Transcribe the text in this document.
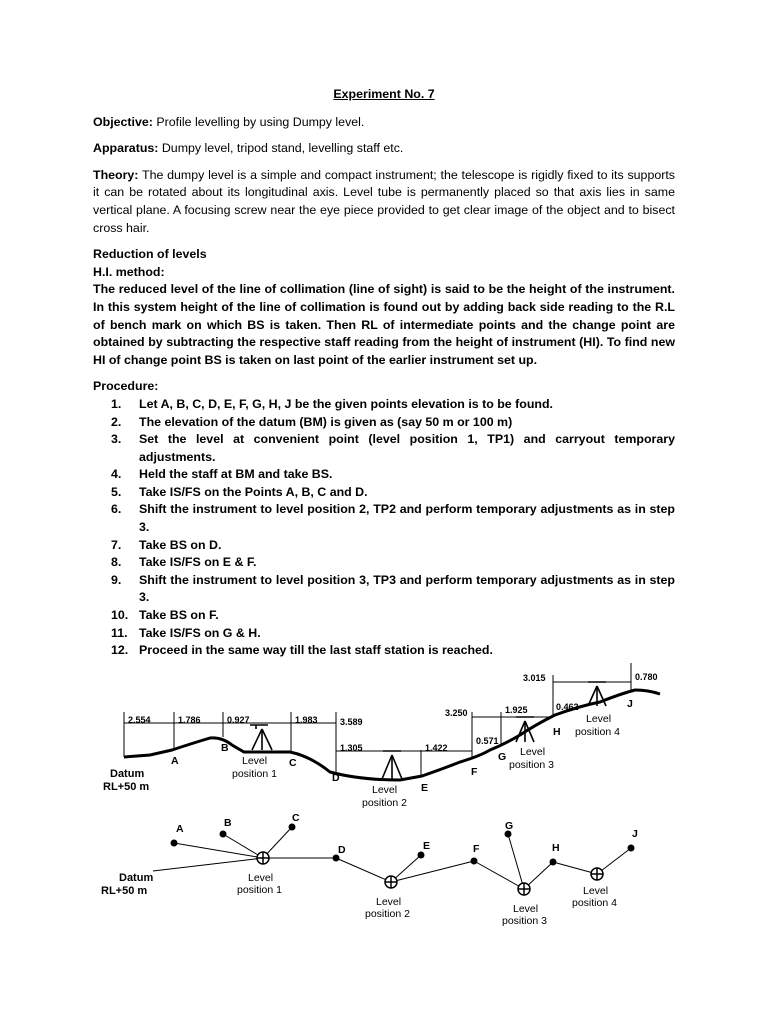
Experiment No. 7

Objective: Profile levelling by using Dumpy level.

Apparatus: Dumpy level, tripod stand, levelling staff etc.

Theory: The dumpy level is a simple and compact instrument; the telescope is rigidly fixed to its supports it can be rotated about its longitudinal axis. Level tube is permanently placed so that axis lies in same vertical plane. A focusing screw near the eye piece provided to get clear image of the object and to bisect cross hair.

Reduction of levels

H.I. method:

The reduced level of the line of collimation (line of sight) is said to be the height of the instrument. In this system height of the line of collimation is found out by adding back side reading to the R.L of bench mark on which BS is taken. Then RL of intermediate points and the change point are obtained by subtracting the respective staff reading from the height of instrument (HI). To find new HI of change point BS is taken on last point of the earlier instrument set up.

Procedure:

1.	Let A, B, C, D, E, F, G, H, J be the given points elevation is to be found.
2.	The elevation of the datum (BM) is given as (say 50 m or 100 m)
3.	Set the level at convenient point (level position 1, TP1) and carryout temporary adjustments.
4.	Held the staff at BM and take BS.
5.	Take IS/FS on the Points A, B, C and D.
6.	Shift the instrument to level position 2, TP2 and perform temporary adjustments as in step 3.
7.	Take BS on D.
8.	Take IS/FS on E & F.
9.	Shift the instrument to level position 3, TP3 and perform temporary adjustments as in step 3.
10. Take BS on F.
11. Take IS/FS on G & H.
12. Proceed in the same way till the last staff station is reached.
2.554	1.786	0.927	1.983 3.589
1.305	1.422
3.250
0.571
1.925
3.015
0.462
0.780
A
B
C
D
E
F
G
H
J
Datum
RL+50 m
Level
position 1
Level
position 2
Level
position 3
Level
position 4
A	B	C
D	E	F
G
H
J
Datum
RL+50 m
Level
position 1
Level
position 2	Level
position 3
Level
position 4
